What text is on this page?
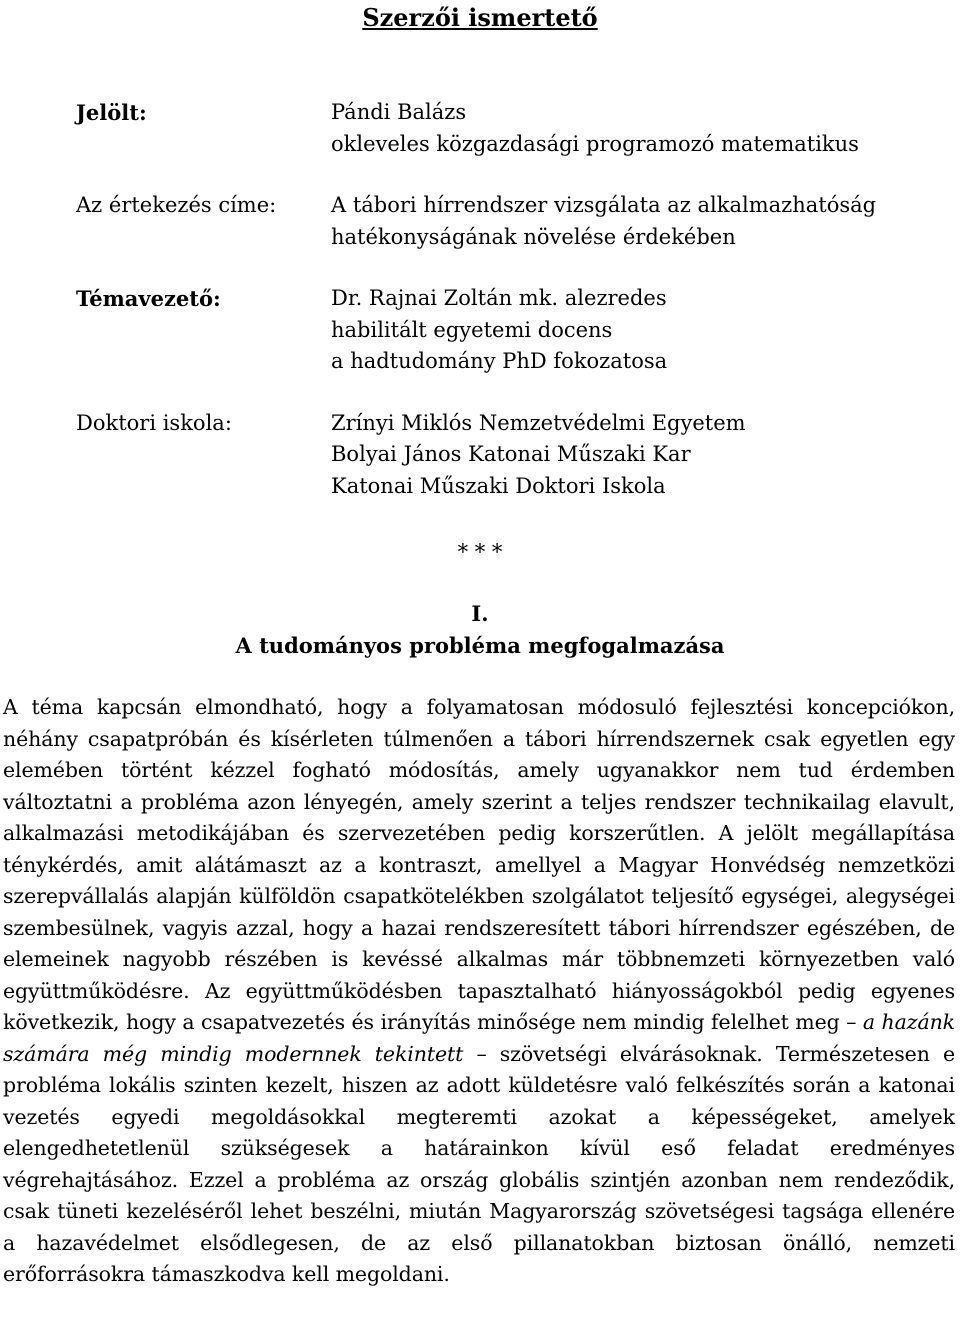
Szerzői ismertető
Jelölt:	Pándi Balázs
okleveles közgazdasági programozó matematikus
Az értekezés címe:	A tábori hírrendszer vizsgálata az alkalmazhatóság
hatékonyságának növelése érdekében
Témavezető:	Dr. Rajnai Zoltán mk. alezredes
habilitált egyetemi docens
a hadtudomány PhD fokozatosa
Doktori iskola:	Zrínyi Miklós Nemzetvédelmi Egyetem
Bolyai János Katonai Műszaki Kar
Katonai Műszaki Doktori Iskola
* * *
I.
A tudományos probléma megfogalmazása
A téma kapcsán elmondható, hogy a folyamatosan módosuló fejlesztési koncepciókon, néhány csapatpróbán és kísérleten túlmenően a tábori hírrendszernek csak egyetlen egy elemében történt kézzel fogható módosítás, amely ugyanakkor nem tud érdemben változtatni a probléma azon lényegén, amely szerint a teljes rendszer technikailag elavult, alkalmazási metodikájában és szervezetében pedig korszerűtlen. A jelölt megállapítása ténykérdés, amit alátámaszt az a kontraszt, amellyel a Magyar Honvédség nemzetközi szerepvállalás alapján külföldön csapatkötelékben szolgálatot teljesítő egységei, alegységei szembesülnek, vagyis azzal, hogy a hazai rendszeresített tábori hírrendszer egészében, de elemeinek nagyobb részében is kevéssé alkalmas már többnemzeti környezetben való együttműködésre. Az együttműködésben tapasztalható hiányosságokból pedig egyenes következik, hogy a csapatvezetés és irányítás minősége nem mindig felelhet meg – a hazánk számára még mindig modernnek tekintett – szövetségi elvárásoknak. Természetesen e probléma lokális szinten kezelt, hiszen az adott küldetésre való felkészítés során a katonai vezetés egyedi megoldásokkal megteremti azokat a képességeket, amelyek elengedhetetlenül szükségesek a határainkon kívül eső feladat eredményes végrehajtásához. Ezzel a probléma az ország globális szintjén azonban nem rendeződik, csak tüneti kezeléséről lehet beszélni, miután Magyarország szövetségesi tagsága ellenére a hazavédelmet elsődlegesen, de az első pillanatokban biztosan önálló, nemzeti erőforrásokra támaszkodva kell megoldani.
